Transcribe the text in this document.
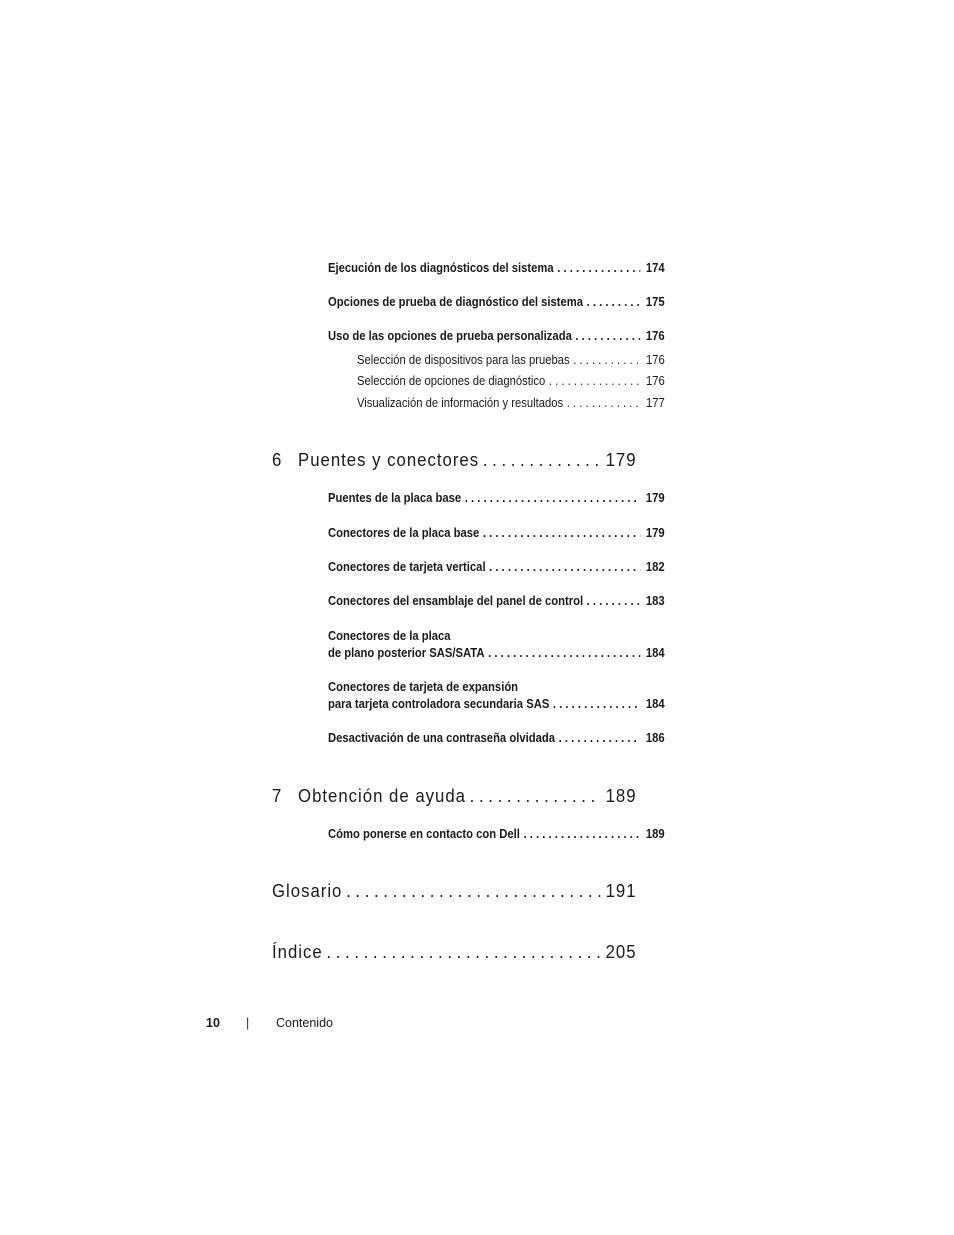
Ejecución de los diagnósticos del sistema . . .	174
Opciones de prueba de diagnóstico del sistema . . .	175
Uso de las opciones de prueba personalizada . . .	176
Selección de dispositivos para las pruebas . . .	176
Selección de opciones de diagnóstico . . .	176
Visualización de información y resultados . . .	177
6 Puentes y conectores . . .	179
Puentes de la placa base . . .	179
Conectores de la placa base . . .	179
Conectores de tarjeta vertical . . .	182
Conectores del ensamblaje del panel de control . . .	183
Conectores de la placa
de plano posterior SAS/SATA . . .	184
Conectores de tarjeta de expansión
para tarjeta controladora secundaria SAS . . .	184
Desactivación de una contraseña olvidada . . .	186
7 Obtención de ayuda . . .	189
Cómo ponerse en contacto con Dell . . .	189
Glosario . . .	191
Índice . . .	205
10	|	Contenido
